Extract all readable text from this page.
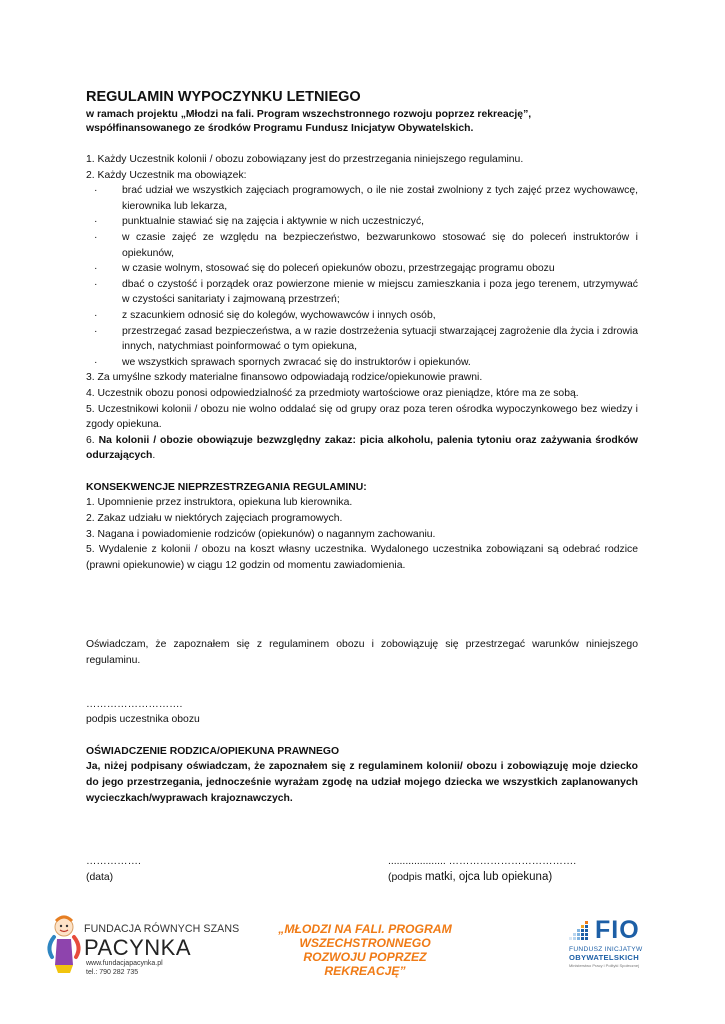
REGULAMIN WYPOCZYNKU LETNIEGO

w ramach projektu „Młodzi na fali. Program wszechstronnego rozwoju poprzez rekreację”,

współfinansowanego ze środków Programu Fundusz Inicjatyw Obywatelskich.

1. Każdy Uczestnik kolonii / obozu zobowiązany jest do przestrzegania niniejszego regulaminu.

2. Każdy Uczestnik ma obowiązek:

·	brać udział we wszystkich zajęciach programowych, o ile nie został zwolniony z tych zajęć przez wychowawcę, kierownika lub lekarza,
·	punktualnie stawiać się na zajęcia i aktywnie w nich uczestniczyć,
·	w czasie zajęć ze względu na bezpieczeństwo, bezwarunkowo stosować się do poleceń instruktorów i opiekunów,
·	w czasie wolnym, stosować się do poleceń opiekunów obozu, przestrzegając programu obozu
·	dbać o czystość i porządek oraz powierzone mienie w miejscu zamieszkania i poza jego terenem, utrzymywać w czystości sanitariaty i zajmowaną przestrzeń;
·	z szacunkiem odnosić się do kolegów, wychowawców i innych osób,
·	przestrzegać zasad bezpieczeństwa, a w razie dostrzeżenia sytuacji stwarzającej zagrożenie dla życia i zdrowia innych, natychmiast poinformować o tym opiekuna,
·	we wszystkich sprawach spornych zwracać się do instruktorów i opiekunów.

3. Za umyślne szkody materialne finansowo odpowiadają rodzice/opiekunowie prawni.

4. Uczestnik obozu ponosi odpowiedzialność za przedmioty wartościowe oraz pieniądze, które ma ze sobą.

5. Uczestnikowi kolonii / obozu nie wolno oddalać się od grupy oraz poza teren ośrodka wypoczynkowego bez wiedzy i zgody opiekuna.

6. Na kolonii / obozie obowiązuje bezwzględny zakaz: picia alkoholu, palenia tytoniu oraz zażywania środków odurzających.

KONSEKWENCJE NIEPRZESTRZEGANIA REGULAMINU:

1. Upomnienie przez instruktora, opiekuna lub kierownika.

2. Zakaz udziału w niektórych zajęciach programowych.

3. Nagana i powiadomienie rodziców (opiekunów) o nagannym zachowaniu.

5. Wydalenie z kolonii / obozu na koszt własny uczestnika. Wydalonego uczestnika zobowiązani są odebrać rodzice (prawni opiekunowie) w ciągu 12 godzin od momentu zawiadomienia.

Oświadczam, że zapoznałem się z regulaminem obozu i zobowiązuję się przestrzegać warunków niniejszego regulaminu.

……………………….

podpis uczestnika obozu

OŚWIADCZENIE RODZICA/OPIEKUNA PRAWNEGO

Ja, niżej podpisany oświadczam, że zapoznałem się z regulaminem kolonii/ obozu i zobowiązuję moje dziecko do jego przestrzegania, jednocześnie wyrażam zgodę na udział mojego dziecka we wszystkich zaplanowanych wycieczkach/wyprawach krajoznawczych.

…………….

(data)

.................... ……………………………….

(podpis matki, ojca lub opiekuna)

FUNDACJA RÓWNYCH SZANS
PACYNKA
www.fundacjapacynka.pl
tel.: 790 282 735
„MŁODZI NA FALI. PROGRAM WSZECHSTRONNEGO ROZWOJU POPRZEZ REKREACJĘ”
FIO
FUNDUSZ INICJATYW
OBYWATELSKICH
Ministerstwo Pracy i Polityki Społecznej
